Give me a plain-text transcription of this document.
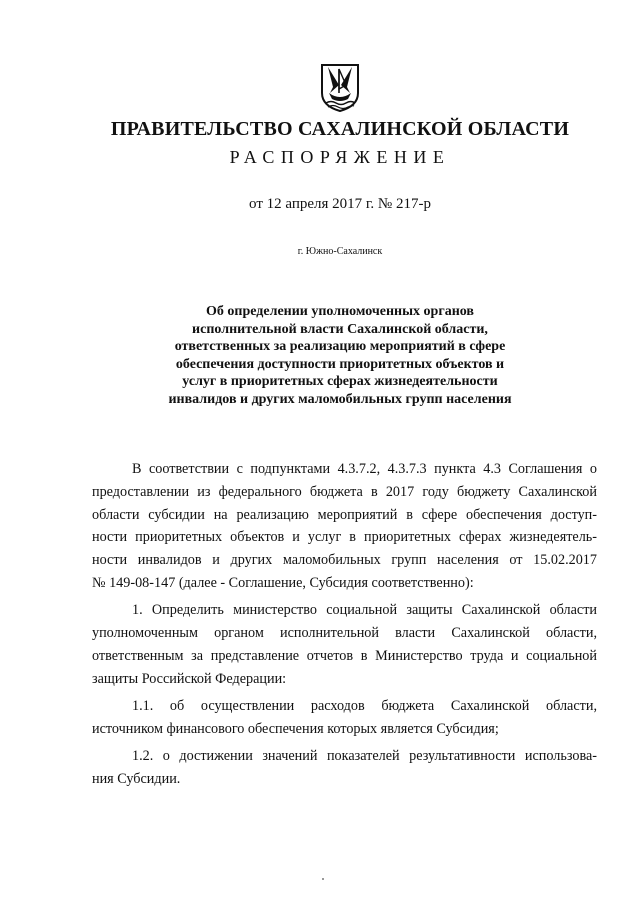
ПРАВИТЕЛЬСТВО САХАЛИНСКОЙ ОБЛАСТИ
РАСПОРЯЖЕНИЕ
от 12 апреля 2017 г. № 217-р
г. Южно-Сахалинск
Об определении уполномоченных органов
исполнительной власти Сахалинской области,
ответственных за реализацию мероприятий в сфере
обеспечения доступности приоритетных объектов и
услуг в приоритетных сферах жизнедеятельности
инвалидов и других маломобильных групп населения
В соответствии с подпунктами 4.3.7.2, 4.3.7.3 пункта 4.3 Соглашения о
предоставлении из федерального бюджета в 2017 году бюджету Сахалинской
области субсидии на реализацию мероприятий в сфере обеспечения доступ-
ности приоритетных объектов и услуг в приоритетных сферах жизнедеятель-
ности инвалидов и других маломобильных групп населения от 15.02.2017
№ 149-08-147 (далее - Соглашение, Субсидия соответственно):
1. Определить министерство социальной защиты Сахалинской области
уполномоченным органом исполнительной власти Сахалинской области,
ответственным за представление отчетов в Министерство труда и социальной
защиты Российской Федерации:
1.1. об осуществлении расходов бюджета Сахалинской области,
источником финансового обеспечения которых является Субсидия;
1.2. о достижении значений показателей результативности использова-
ния Субсидии.
